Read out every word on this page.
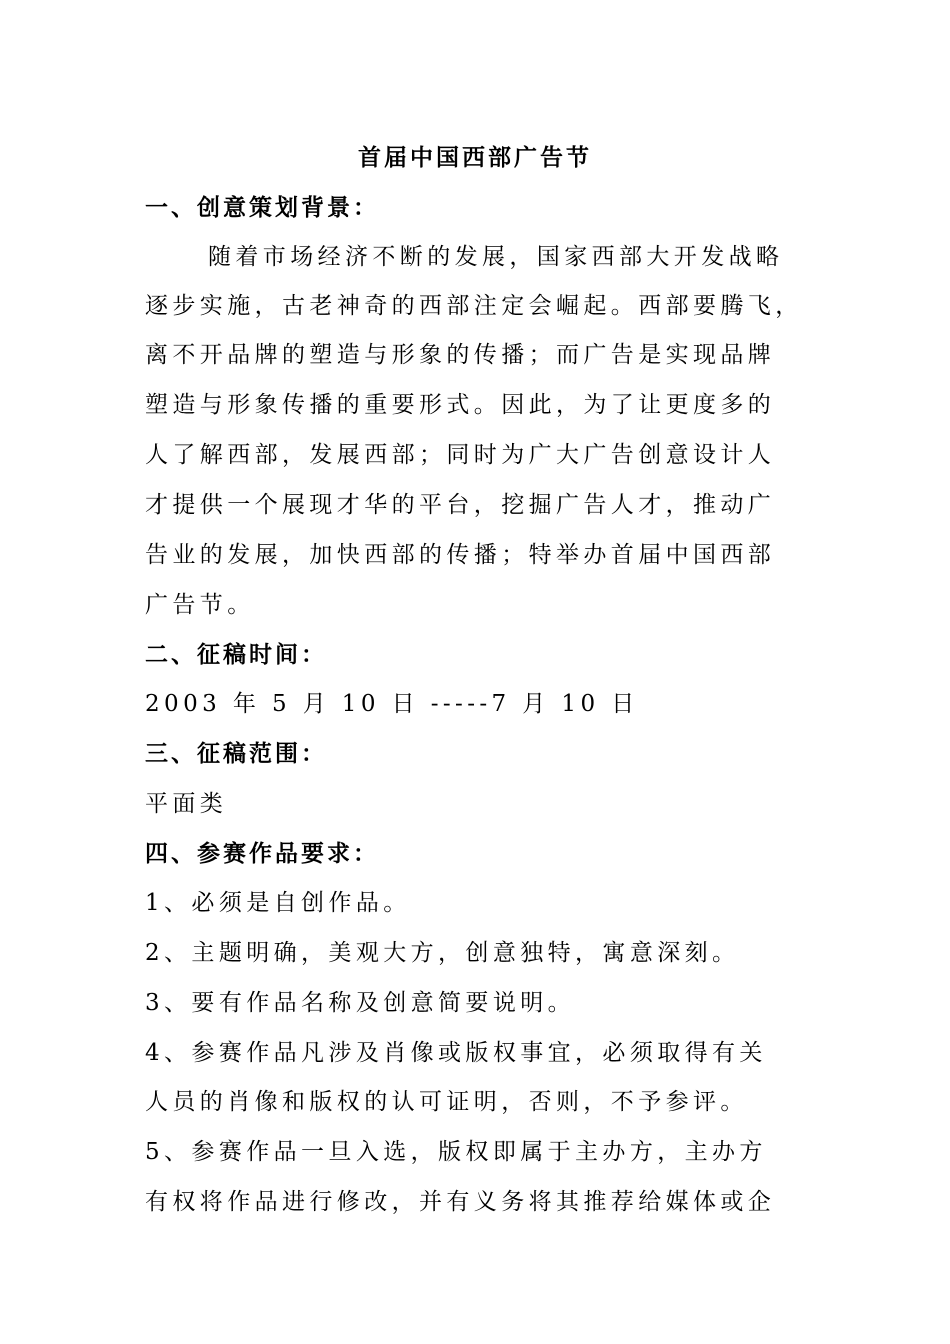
首届中国西部广告节
一、创意策划背景：
随着市场经济不断的发展，国家西部大开发战略
逐步实施，古老神奇的西部注定会崛起。西部要腾飞，
离不开品牌的塑造与形象的传播；而广告是实现品牌
塑造与形象传播的重要形式。因此，为了让更度多的
人了解西部，发展西部；同时为广大广告创意设计人
才提供一个展现才华的平台，挖掘广告人才，推动广
告业的发展，加快西部的传播；特举办首届中国西部
广告节。
二、征稿时间：
2003 年 5 月 10 日 -----7 月 10 日
三、征稿范围：
平面类
四、参赛作品要求：
1、必须是自创作品。
2、主题明确，美观大方，创意独特，寓意深刻。
3、要有作品名称及创意简要说明。
4、参赛作品凡涉及肖像或版权事宜，必须取得有关
人员的肖像和版权的认可证明，否则，不予参评。
5、参赛作品一旦入选，版权即属于主办方，主办方
有权将作品进行修改，并有义务将其推荐给媒体或企
